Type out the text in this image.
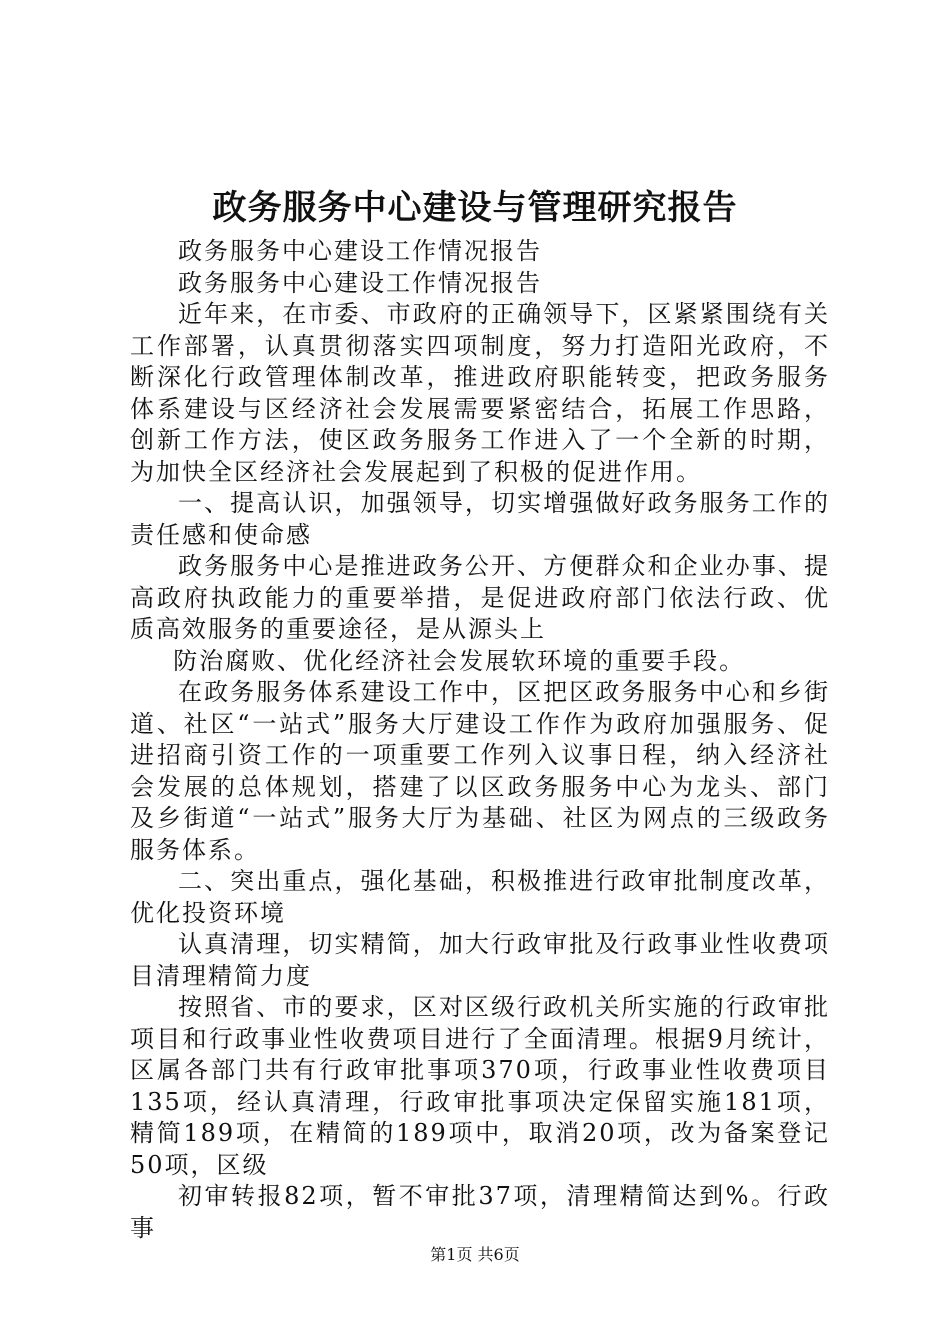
政务服务中心建设与管理研究报告

政务服务中心建设工作情况报告

政务服务中心建设工作情况报告

近年来，在市委、市政府的正确领导下，区紧紧围绕有关工作部署，认真贯彻落实四项制度，努力打造阳光政府，不断深化行政管理体制改革，推进政府职能转变，把政务服务体系建设与区经济社会发展需要紧密结合，拓展工作思路，创新工作方法，使区政务服务工作进入了一个全新的时期，为加快全区经济社会发展起到了积极的促进作用。

一、提高认识，加强领导，切实增强做好政务服务工作的责任感和使命感

政务服务中心是推进政务公开、方便群众和企业办事、提高政府执政能力的重要举措，是促进政府部门依法行政、优质高效服务的重要途径，是从源头上

防治腐败、优化经济社会发展软环境的重要手段。

在政务服务体系建设工作中，区把区政务服务中心和乡街道、社区“一站式”服务大厅建设工作作为政府加强服务、促进招商引资工作的一项重要工作列入议事日程，纳入经济社会发展的总体规划，搭建了以区政务服务中心为龙头、部门及乡街道“一站式”服务大厅为基础、社区为网点的三级政务服务体系。

二、突出重点，强化基础，积极推进行政审批制度改革，优化投资环境

认真清理，切实精简，加大行政审批及行政事业性收费项目清理精简力度

按照省、市的要求，区对区级行政机关所实施的行政审批项目和行政事业性收费项目进行了全面清理。根据9月统计，区属各部门共有行政审批事项370项，行政事业性收费项目135项，经认真清理，行政审批事项决定保留实施181项，精简189项，在精简的189项中，取消20项，改为备案登记50项，区级

初审转报82项，暂不审批37项，清理精简达到%。行政事

第1页 共6页
